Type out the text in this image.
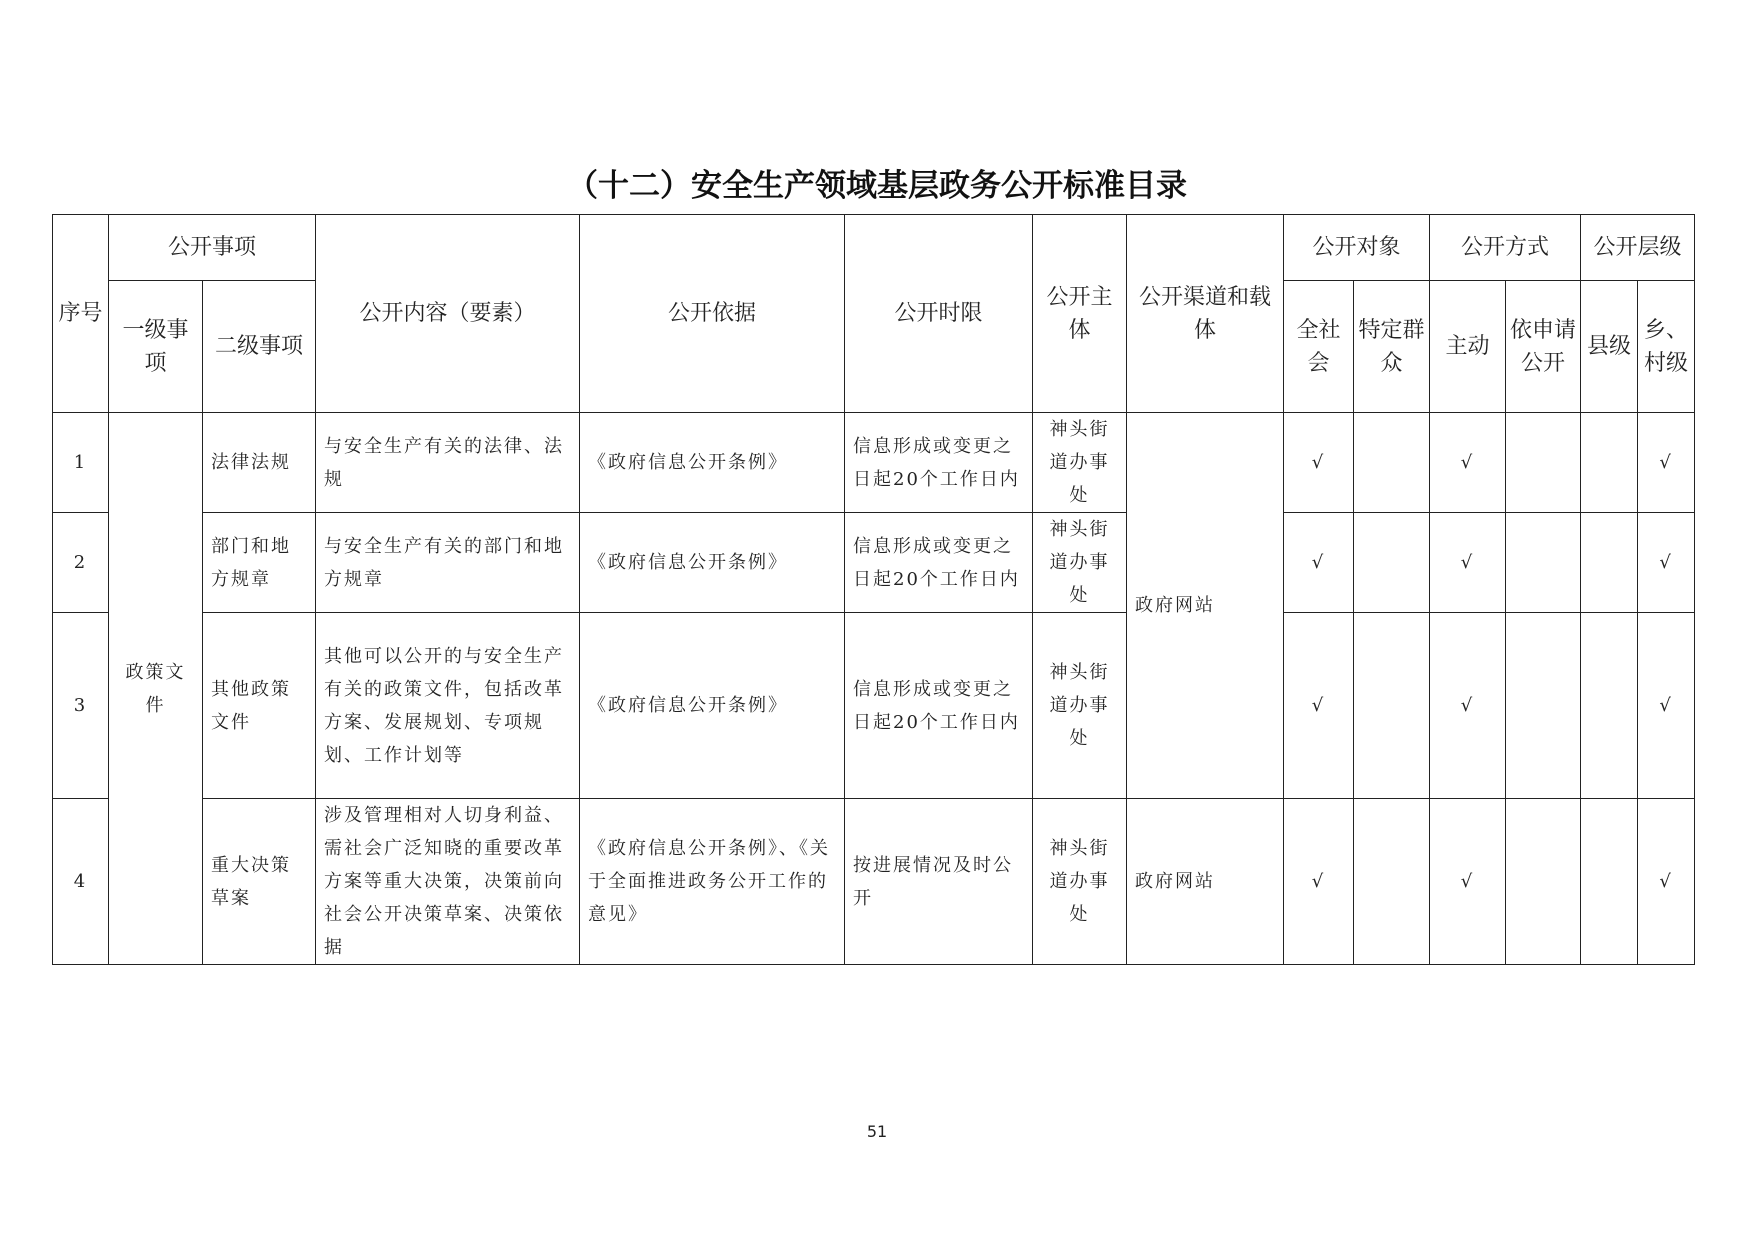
（十二）安全生产领域基层政务公开标准目录
序号	公开事项		公开内容（要素）	公开依据	公开时限	公开主体	公开渠道和载体	公开对象		公开方式		公开层级	
	一级事项	二级事项						全社会	特定群众	主动	依申请公开	县级	乡、村级
1	政策文件	法律法规	与安全生产有关的法律、法规	《政府信息公开条例》	信息形成或变更之日起20个工作日内	神头街道办事处	政府网站	√		√			√
2		部门和地方规章	与安全生产有关的部门和地方规章	《政府信息公开条例》	信息形成或变更之日起20个工作日内	神头街道办事处		√		√			√
3		其他政策文件	其他可以公开的与安全生产有关的政策文件，包括改革方案、发展规划、专项规划、工作计划等	《政府信息公开条例》	信息形成或变更之日起20个工作日内	神头街道办事处		√		√			√
4		重大决策草案	涉及管理相对人切身利益、需社会广泛知晓的重要改革方案等重大决策，决策前向社会公开决策草案、决策依据	《政府信息公开条例》、《关于全面推进政务公开工作的意见》	按进展情况及时公开	神头街道办事处	政府网站	√		√			√
51
